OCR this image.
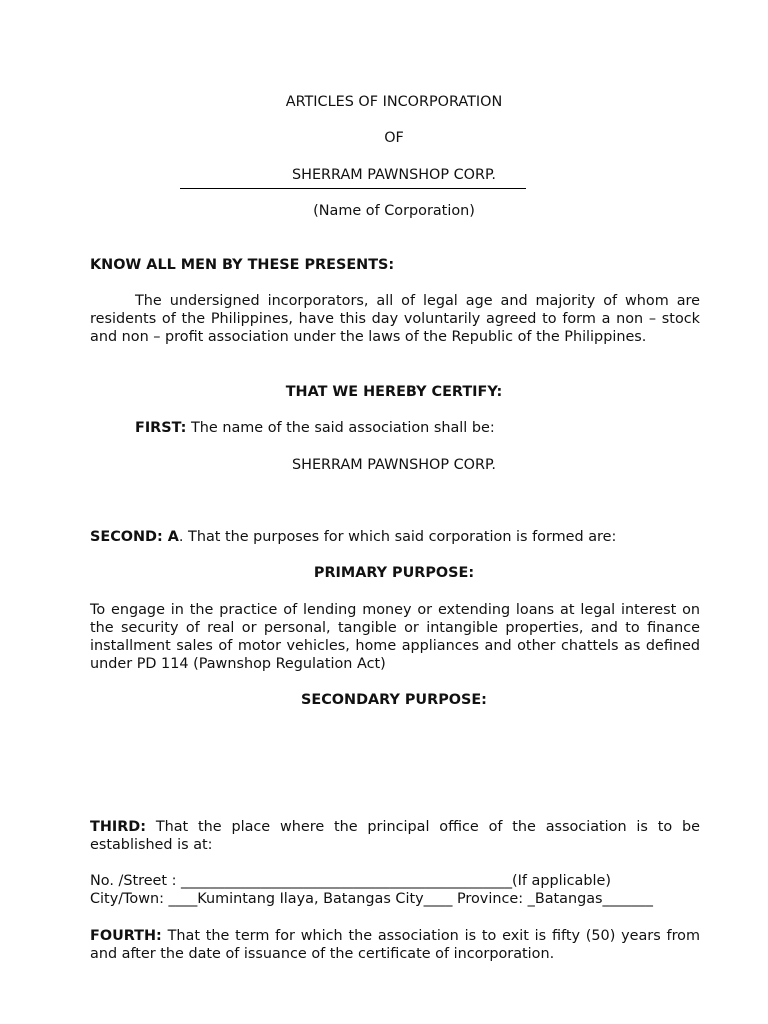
ARTICLES OF INCORPORATION

OF

SHERRAM PAWNSHOP CORP.

(Name of Corporation)

KNOW ALL MEN BY THESE PRESENTS:

The undersigned incorporators, all of legal age and majority of whom are residents of the Philippines, have this day voluntarily agreed to form a non – stock and non – profit association under the laws of the Republic of the Philippines.

THAT WE HEREBY CERTIFY:

FIRST: The name of the said association shall be:

SHERRAM PAWNSHOP CORP.

SECOND: A. That the purposes for which said corporation is formed are:

PRIMARY PURPOSE:

To engage in the practice of lending money or extending loans at legal interest on the security of real or personal, tangible or intangible properties, and to finance installment sales of motor vehicles, home appliances and other chattels as defined under PD 114 (Pawnshop Regulation Act)

SECONDARY PURPOSE:

THIRD: That the place where the principal office of the association is to be established is at:

No. /Street : ______________________________________________(If applicable)

City/Town: ____Kumintang Ilaya, Batangas City____ Province: _Batangas_______

FOURTH: That the term for which the association is to exit is fifty (50) years from and after the date of issuance of the certificate of incorporation.
